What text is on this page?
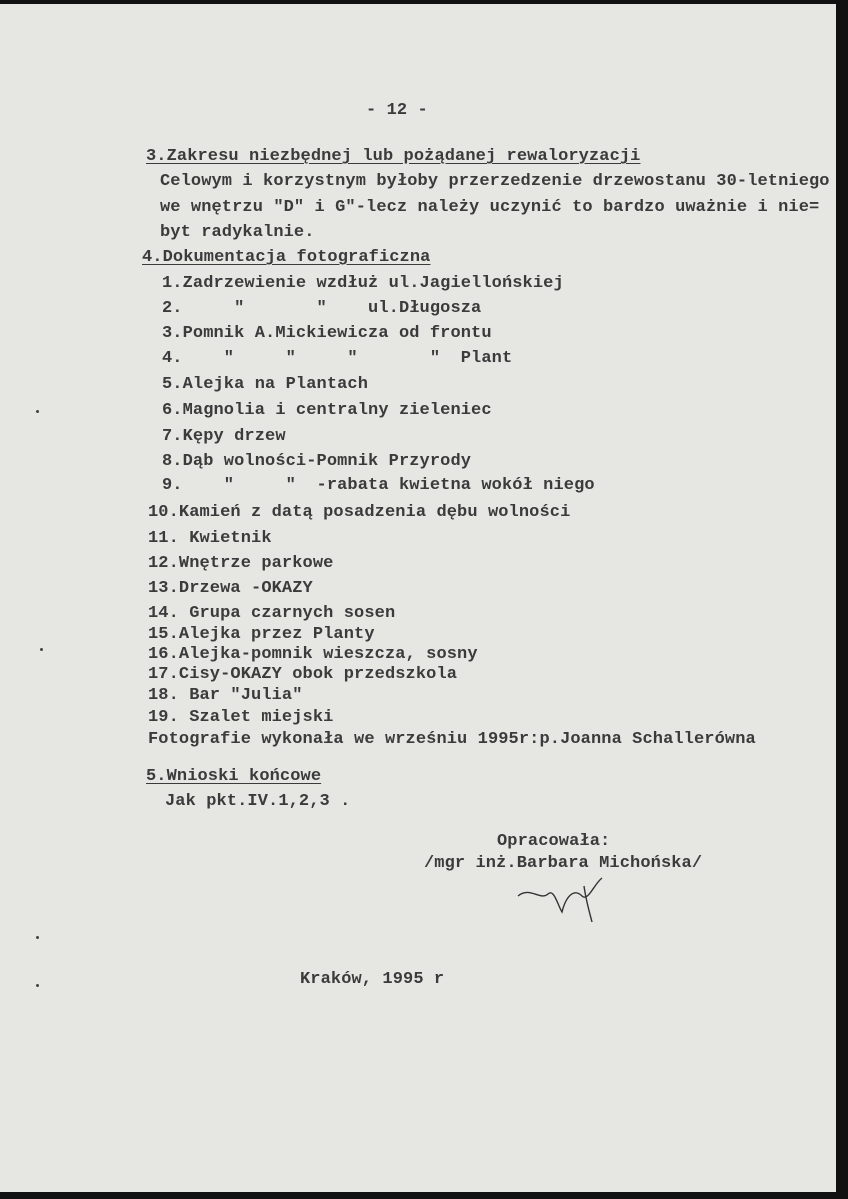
- 12 -
3.Zakresu niezbędnej lub pożądanej rewaloryzacji
Celowym i korzystnym byłoby przerzedzenie drzewostanu 30-letniego
we wnętrzu "D" i G"-lecz należy uczynić to bardzo uważnie i nie=
byt radykalnie.
4.Dokumentacja fotograficzna
1.Zadrzewienie wzdłuż ul.Jagiellońskiej
2.     "       "    ul.Długosza
3.Pomnik A.Mickiewicza od frontu
4.    "     "     "       "  Plant
5.Alejka na Plantach
6.Magnolia i centralny zieleniec
7.Kępy drzew
8.Dąb wolności-Pomnik Przyrody
9.    "     "  -rabata kwietna wokół niego
10.Kamień z datą posadzenia dębu wolności
11. Kwietnik
12.Wnętrze parkowe
13.Drzewa -OKAZY
14. Grupa czarnych sosen
15.Alejka przez Planty
16.Alejka-pomnik wieszcza, sosny
17.Cisy-OKAZY obok przedszkola
18. Bar "Julia"
19. Szalet miejski
Fotografie wykonała we wrześniu 1995r:p.Joanna Schallerówna
5.Wnioski końcowe
Jak pkt.IV.1,2,3 .
Opracowała:
/mgr inż.Barbara Michońska/
Kraków, 1995 r
